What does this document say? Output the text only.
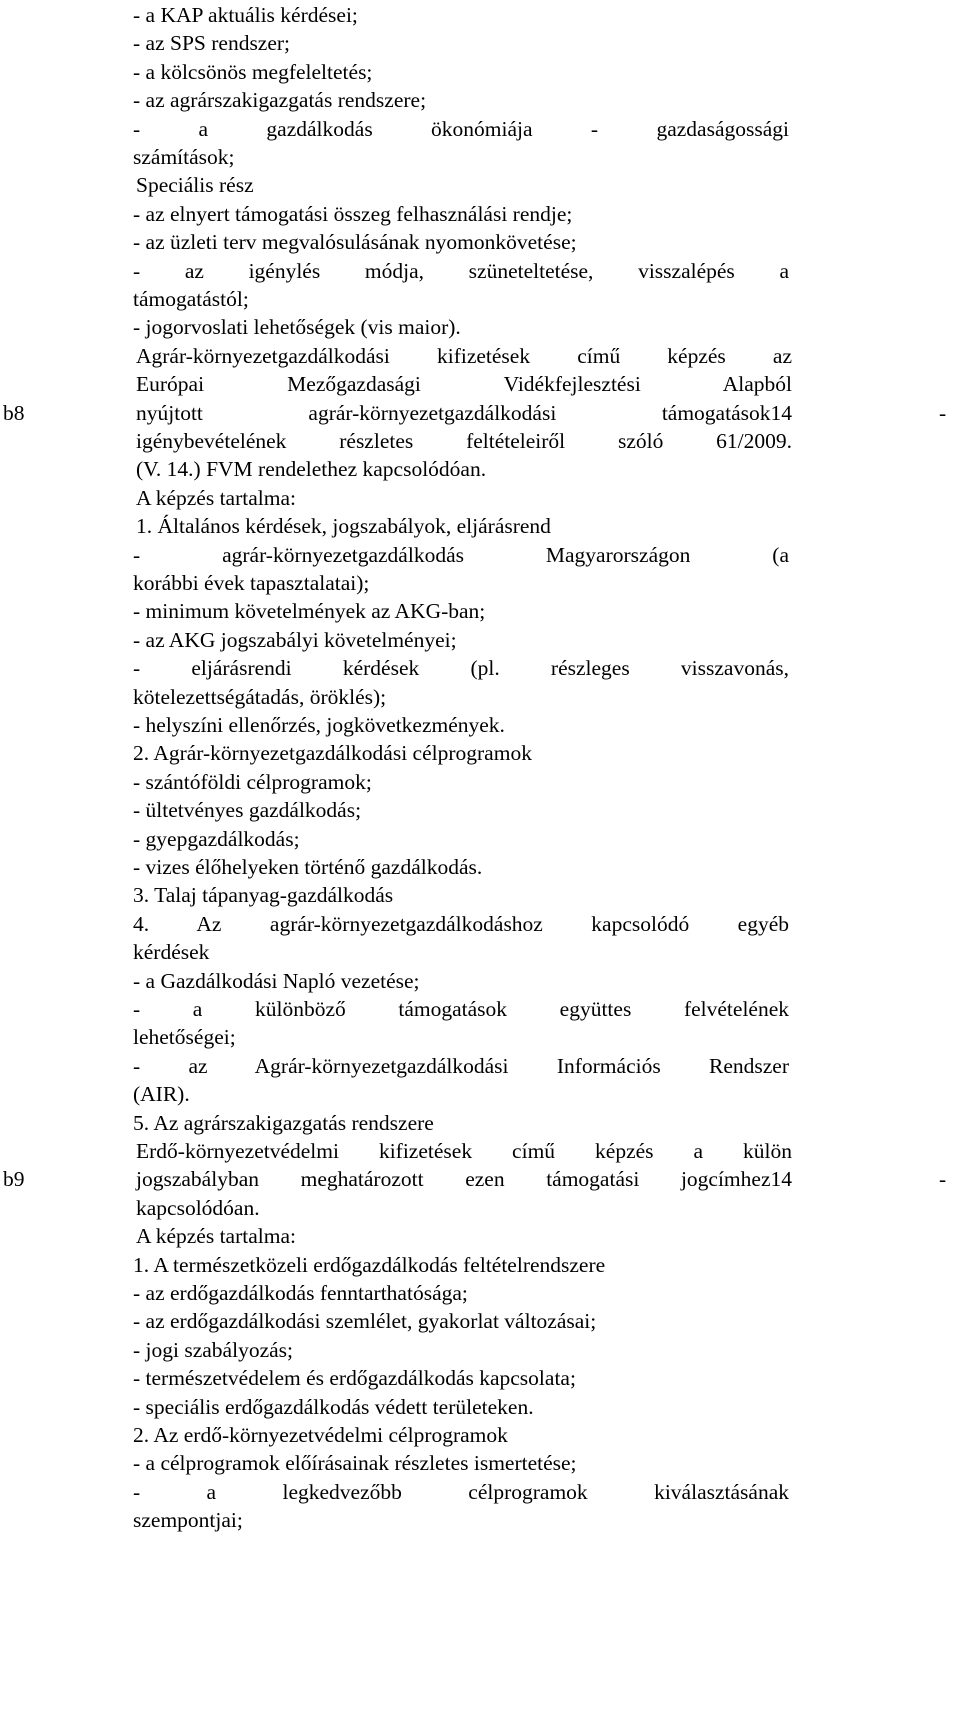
- a KAP aktuális kérdései;
- az SPS rendszer;
- a kölcsönös megfeleltetés;
- az agrárszakigazgatás rendszere;
- a gazdálkodás ökonómiája - gazdaságossági
számítások;
Speciális rész
- az elnyert támogatási összeg felhasználási rendje;
- az üzleti terv megvalósulásának nyomonkövetése;
- az igénylés módja, szüneteltetése, visszalépés a
támogatástól;
- jogorvoslati lehetőségek (vis maior).
Agrár-környezetgazdálkodási kifizetések című képzés az
Európai Mezőgazdasági Vidékfejlesztési Alapból
nyújtott agrár-környezetgazdálkodási támogatások14
igénybevételének részletes feltételeiről szóló 61/2009.
(V. 14.) FVM rendelethez kapcsolódóan.
A képzés tartalma:
1. Általános kérdések, jogszabályok, eljárásrend
- agrár-környezetgazdálkodás Magyarországon (a
korábbi évek tapasztalatai);
- minimum követelmények az AKG-ban;
- az AKG jogszabályi követelményei;
- eljárásrendi kérdések (pl. részleges visszavonás,
kötelezettségátadás, öröklés);
- helyszíni ellenőrzés, jogkövetkezmények.
2. Agrár-környezetgazdálkodási célprogramok
- szántóföldi célprogramok;
- ültetvényes gazdálkodás;
- gyepgazdálkodás;
- vizes élőhelyeken történő gazdálkodás.
3. Talaj tápanyag-gazdálkodás
4. Az agrár-környezetgazdálkodáshoz kapcsolódó egyéb
kérdések
- a Gazdálkodási Napló vezetése;
- a különböző támogatások együttes felvételének
lehetőségei;
- az Agrár-környezetgazdálkodási Információs Rendszer
(AIR).
5. Az agrárszakigazgatás rendszere
b8	-
Erdő-környezetvédelmi kifizetések című képzés a külön
jogszabályban meghatározott ezen támogatási jogcímhez14
kapcsolódóan.
A képzés tartalma:
1. A természetközeli erdőgazdálkodás feltételrendszere
- az erdőgazdálkodás fenntarthatósága;
- az erdőgazdálkodási szemlélet, gyakorlat változásai;
- jogi szabályozás;
- természetvédelem és erdőgazdálkodás kapcsolata;
- speciális erdőgazdálkodás védett területeken.
2. Az erdő-környezetvédelmi célprogramok
- a célprogramok előírásainak részletes ismertetése;
- a legkedvezőbb célprogramok kiválasztásának
szempontjai;
b9	-
